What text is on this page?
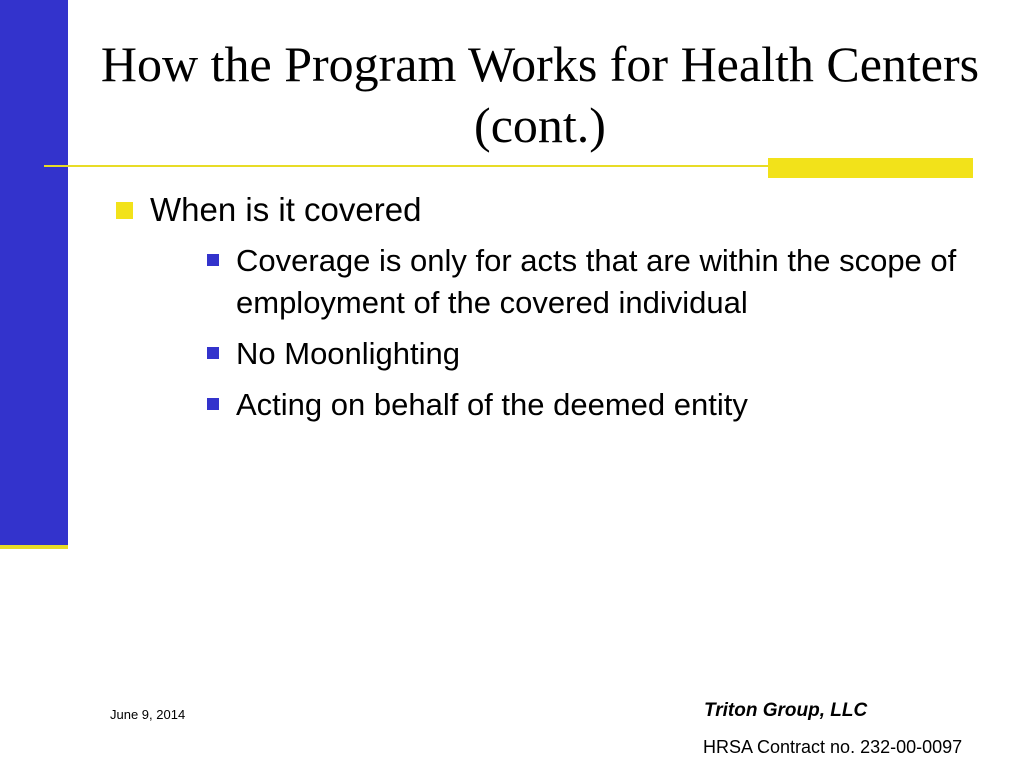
How the Program Works for Health Centers (cont.)
When is it covered
Coverage is only for acts that are within the scope of employment of the covered individual
No Moonlighting
Acting on behalf of the deemed entity
June 9, 2014	Triton Group, LLC
HRSA Contract no. 232-00-0097
